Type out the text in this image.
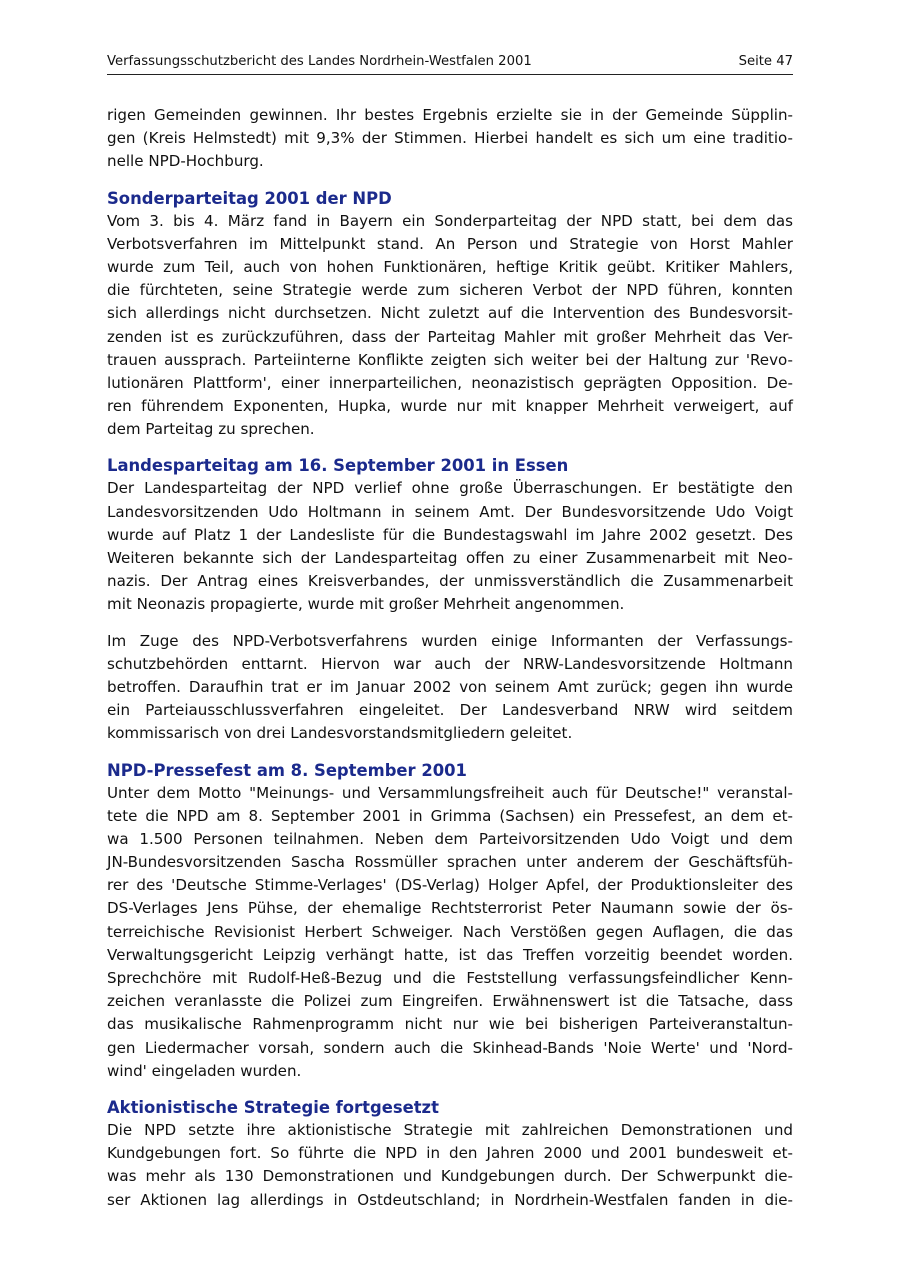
Verfassungsschutzbericht des Landes Nordrhein-Westfalen 2001	Seite 47

rigen Gemeinden gewinnen. Ihr bestes Ergebnis erzielte sie in der Gemeinde Süpplin-
gen (Kreis Helmstedt) mit 9,3% der Stimmen. Hierbei handelt es sich um eine traditio-
nelle NPD-Hochburg.

Sonderparteitag 2001 der NPD

Vom 3. bis 4. März fand in Bayern ein Sonderparteitag der NPD statt, bei dem das
Verbotsverfahren im Mittelpunkt stand. An Person und Strategie von Horst Mahler
wurde zum Teil, auch von hohen Funktionären, heftige Kritik geübt. Kritiker Mahlers,
die fürchteten, seine Strategie werde zum sicheren Verbot der NPD führen, konnten
sich allerdings nicht durchsetzen. Nicht zuletzt auf die Intervention des Bundesvorsit-
zenden ist es zurückzuführen, dass der Parteitag Mahler mit großer Mehrheit das Ver-
trauen aussprach. Parteiinterne Konflikte zeigten sich weiter bei der Haltung zur 'Revo-
lutionären Plattform', einer innerparteilichen, neonazistisch geprägten Opposition. De-
ren führendem Exponenten, Hupka, wurde nur mit knapper Mehrheit verweigert, auf
dem Parteitag zu sprechen.

Landesparteitag am 16. September 2001 in Essen

Der Landesparteitag der NPD verlief ohne große Überraschungen. Er bestätigte den
Landesvorsitzenden Udo Holtmann in seinem Amt. Der Bundesvorsitzende Udo Voigt
wurde auf Platz 1 der Landesliste für die Bundestagswahl im Jahre 2002 gesetzt. Des
Weiteren bekannte sich der Landesparteitag offen zu einer Zusammenarbeit mit Neo-
nazis. Der Antrag eines Kreisverbandes, der unmissverständlich die Zusammenarbeit
mit Neonazis propagierte, wurde mit großer Mehrheit angenommen.

Im Zuge des NPD-Verbotsverfahrens wurden einige Informanten der Verfassungs-
schutzbehörden enttarnt. Hiervon war auch der NRW-Landesvorsitzende Holtmann
betroffen. Daraufhin trat er im Januar 2002 von seinem Amt zurück; gegen ihn wurde
ein Parteiausschlussverfahren eingeleitet. Der Landesverband NRW wird seitdem
kommissarisch von drei Landesvorstandsmitgliedern geleitet.

NPD-Pressefest am 8. September 2001

Unter dem Motto "Meinungs- und Versammlungsfreiheit auch für Deutsche!" veranstal-
tete die NPD am 8. September 2001 in Grimma (Sachsen) ein Pressefest, an dem et-
wa 1.500 Personen teilnahmen. Neben dem Parteivorsitzenden Udo Voigt und dem
JN-Bundesvorsitzenden Sascha Rossmüller sprachen unter anderem der Geschäftsfüh-
rer des 'Deutsche Stimme-Verlages' (DS-Verlag) Holger Apfel, der Produktionsleiter des
DS-Verlages Jens Pühse, der ehemalige Rechtsterrorist Peter Naumann sowie der ös-
terreichische Revisionist Herbert Schweiger. Nach Verstößen gegen Auflagen, die das
Verwaltungsgericht Leipzig verhängt hatte, ist das Treffen vorzeitig beendet worden.
Sprechchöre mit Rudolf-Heß-Bezug und die Feststellung verfassungsfeindlicher Kenn-
zeichen veranlasste die Polizei zum Eingreifen. Erwähnenswert ist die Tatsache, dass
das musikalische Rahmenprogramm nicht nur wie bei bisherigen Parteiveranstaltun-
gen Liedermacher vorsah, sondern auch die Skinhead-Bands 'Noie Werte' und 'Nord-
wind' eingeladen wurden.

Aktionistische Strategie fortgesetzt

Die NPD setzte ihre aktionistische Strategie mit zahlreichen Demonstrationen und
Kundgebungen fort. So führte die NPD in den Jahren 2000 und 2001 bundesweit et-
was mehr als 130 Demonstrationen und Kundgebungen durch. Der Schwerpunkt die-
ser Aktionen lag allerdings in Ostdeutschland; in Nordrhein-Westfalen fanden in die-
